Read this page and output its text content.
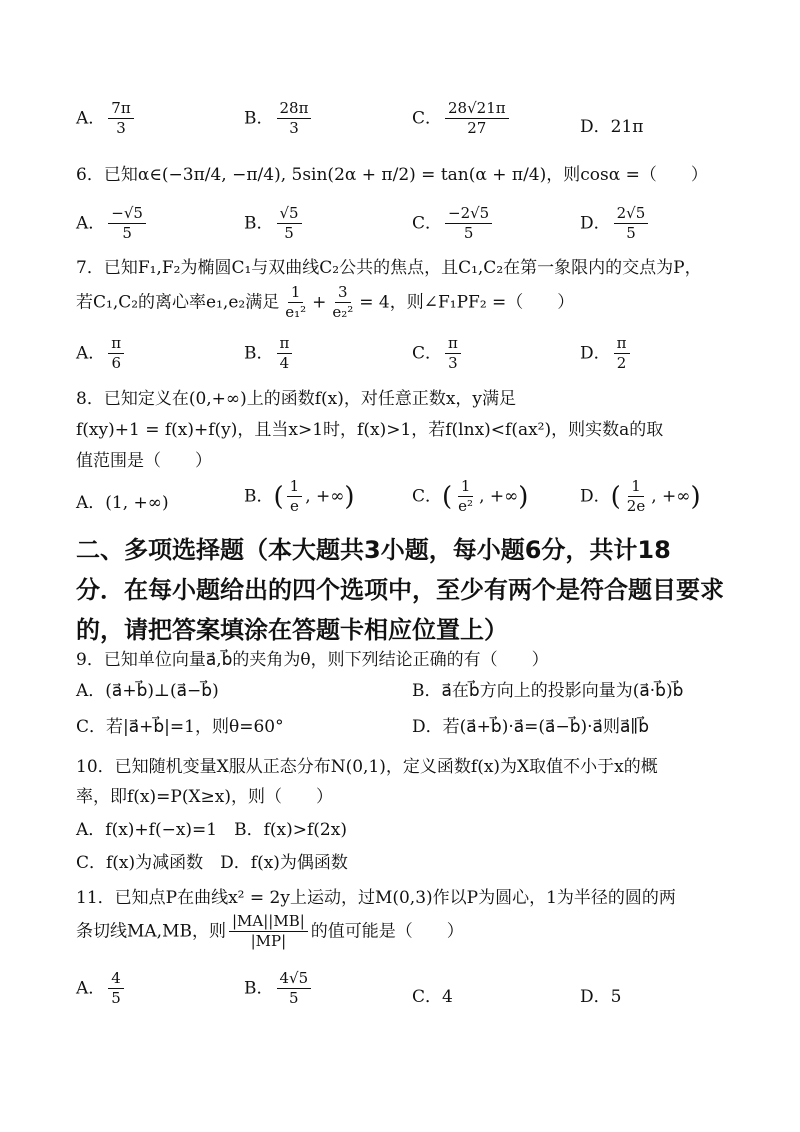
A． $\frac{7\pi}{3}$	B． $\frac{28\pi}{3}$	C． $\frac{28√21\pi}{27}$	D．21π
6．已知α∈(−3π/4, −π/4), 5sin(2α + π/2) = tan(α + π/4)，则cosα =（　　）
A． $\frac{-√5}{5}$	B． $\frac{√5}{5}$	C． $\frac{-2√5}{5}$	D． $\frac{2√5}{5}$
7．已知F₁,F₂为椭圆C₁与双曲线C₂公共的焦点，且C₁,C₂在第一象限内的交点为P，
若C₁,C₂的离心率e₁,e₂满足 $\frac{1}{\text{e₁²}} + \frac{3}{\text{e₂²}} = 4$，则∠F₁PF₂ =（　　）
A． $\frac{\pi}{6}$	B． $\frac{\pi}{4}$	C． $\frac{\pi}{3}$	D． $\frac{\pi}{2}$
8．已知定义在(0,+∞)上的函数f(x)，对任意正数x，y满足
f(xy)+1 = f(x)+f(y)，且当x>1时，f(x)>1，若f(lnx)<f(ax²)，则实数a的取
值范围是（　　）
A．(1, +∞)	B．( $\frac{1}{e}$ , +∞)	C．( $\frac{1}{\text{e²}}$ , +∞)	D．( $\frac{1}{2e}$ , +∞)
二、多项选择题（本大题共3小题，每小题6分，共计18
分．在每小题给出的四个选项中，至少有两个是符合题目要求
的，请把答案填涂在答题卡相应位置上）
9．已知单位向量a⃗,b⃗的夹角为θ，则下列结论正确的有（　　）
A．(a⃗+b⃗)⊥(a⃗−b⃗)	B．a⃗在b⃗方向上的投影向量为(a⃗·b⃗)b⃗
C．若|a⃗+b⃗|=1，则θ=60°	D．若(a⃗+b⃗)·a⃗=(a⃗−b⃗)·a⃗则a⃗∥b⃗
10．已知随机变量X服从正态分布N(0,1)，定义函数f(x)为X取值不小于x的概
率，即f(x)=P(X≥x)，则（　　）
A．f(x)+f(−x)=1　B．f(x)>f(2x)
C．f(x)为减函数　D．f(x)为偶函数
11．已知点P在曲线x² = 2y上运动，过M(0,3)作以P为圆心，1为半径的圆的两
条切线MA,MB，则 $\frac{|MA||MB|}{|MP|}$ 的值可能是（　　）
A． $\frac{4}{5}$	B． $\frac{4√5}{5}$	C．4	D．5
